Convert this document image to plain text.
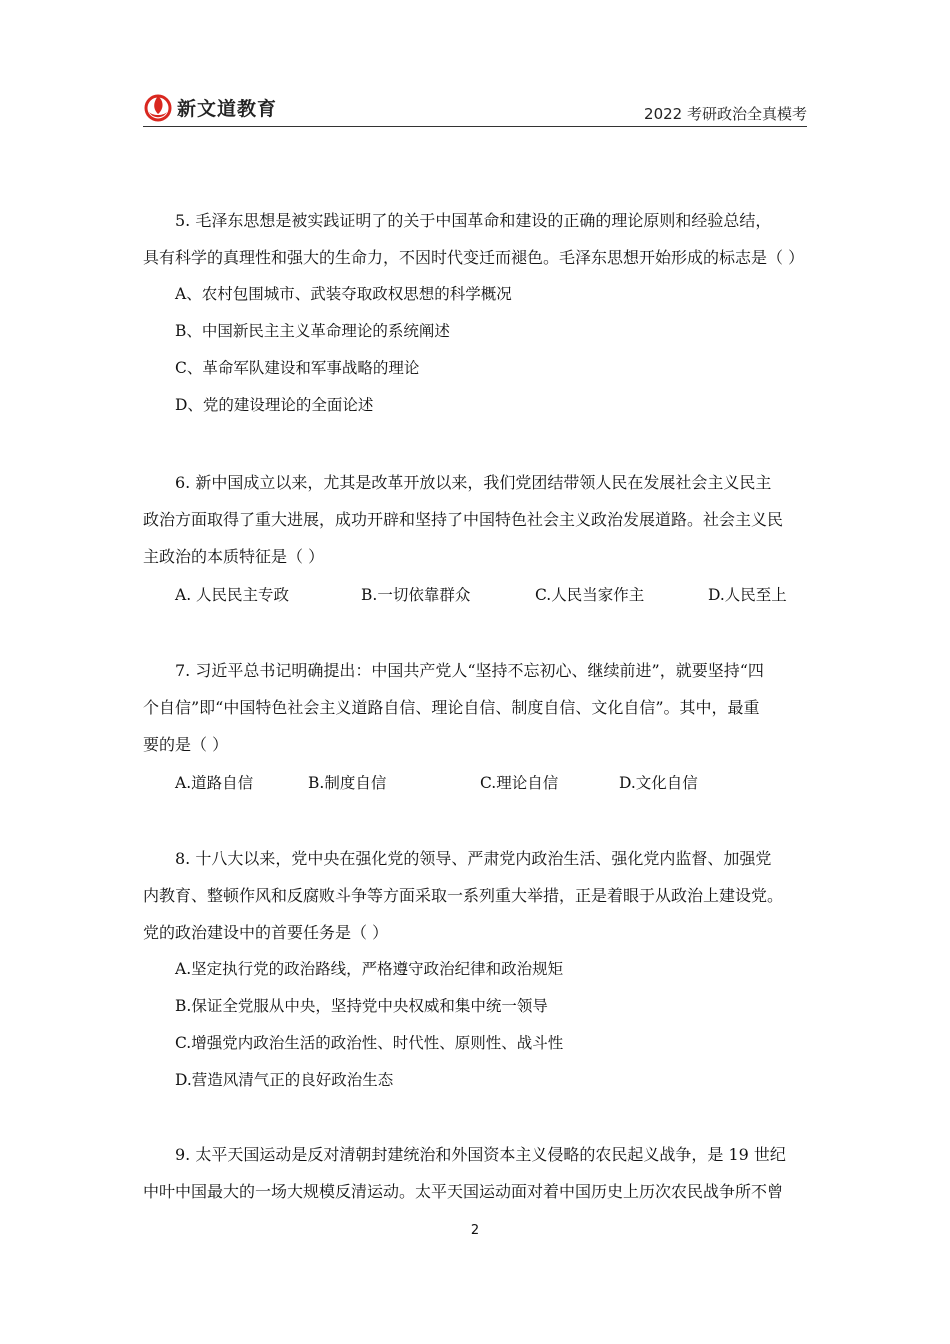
新文道教育	2022 考研政治全真模考

5. 毛泽东思想是被实践证明了的关于中国革命和建设的正确的理论原则和经验总结，

具有科学的真理性和强大的生命力，不因时代变迁而褪色。毛泽东思想开始形成的标志是（ ）

A、农村包围城市、武装夺取政权思想的科学概况

B、中国新民主主义革命理论的系统阐述

C、革命军队建设和军事战略的理论

D、党的建设理论的全面论述

6. 新中国成立以来，尤其是改革开放以来，我们党团结带领人民在发展社会主义民主

政治方面取得了重大进展，成功开辟和坚持了中国特色社会主义政治发展道路。社会主义民

主政治的本质特征是（ ）

A. 人民民主专政	B.一切依靠群众	C.人民当家作主	D.人民至上

7. 习近平总书记明确提出：中国共产党人“坚持不忘初心、继续前进”，就要坚持“四

个自信”即“中国特色社会主义道路自信、理论自信、制度自信、文化自信”。其中，最重

要的是（ ）

A.道路自信	B.制度自信	C.理论自信	D.文化自信

8. 十八大以来，党中央在强化党的领导、严肃党内政治生活、强化党内监督、加强党

内教育、整顿作风和反腐败斗争等方面采取一系列重大举措，正是着眼于从政治上建设党。

党的政治建设中的首要任务是（ ）

A.坚定执行党的政治路线，严格遵守政治纪律和政治规矩

B.保证全党服从中央，坚持党中央权威和集中统一领导

C.增强党内政治生活的政治性、时代性、原则性、战斗性

D.营造风清气正的良好政治生态

9. 太平天国运动是反对清朝封建统治和外国资本主义侵略的农民起义战争，是 19 世纪

中叶中国最大的一场大规模反清运动。太平天国运动面对着中国历史上历次农民战争所不曾

2
